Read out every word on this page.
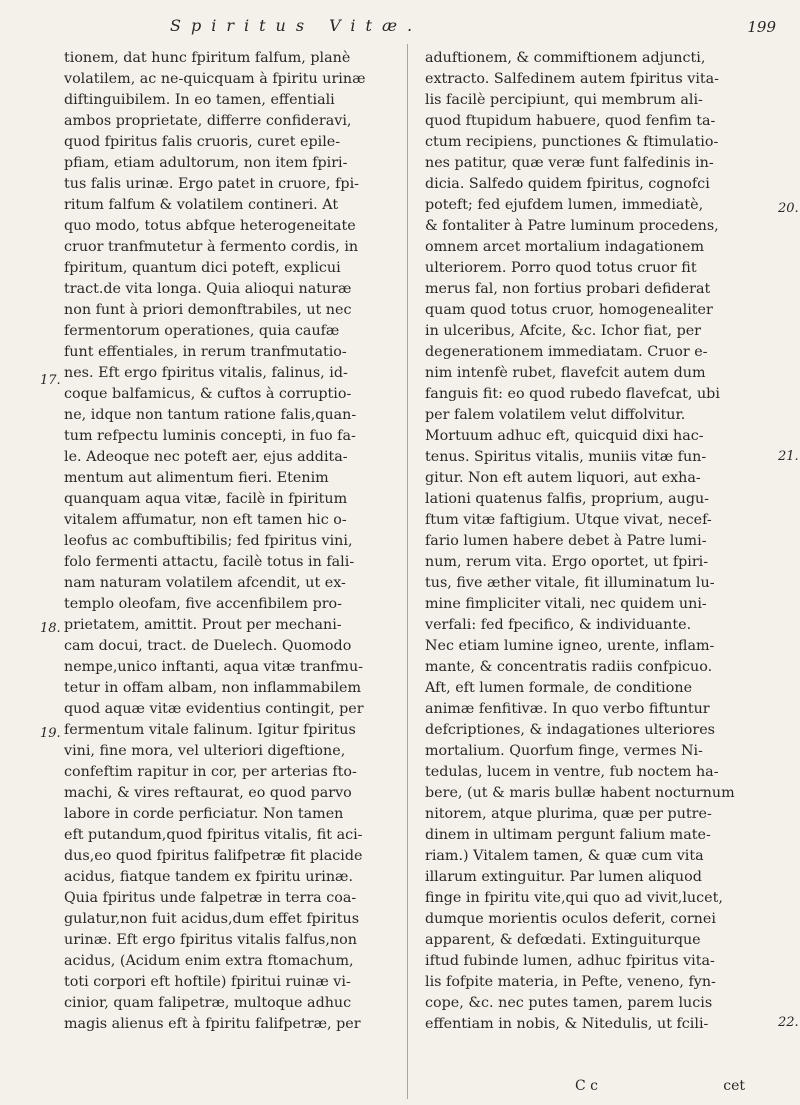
Spiritus Vitæ.	199
tionem, dat hunc fpiritum falfum, planè
volatilem, ac ne-quicquam à fpiritu urinæ
diftinguibilem. In eo tamen, effentiali
ambos proprietate, differre confideravi,
quod fpiritus falis cruoris, curet epile-
pfiam, etiam adultorum, non item fpiri-
tus falis urinæ. Ergo patet in cruore, fpi-
ritum falfum & volatilem contineri. At
quo modo, totus abfque heterogeneitate
cruor tranfmutetur à fermento cordis, in
fpiritum, quantum dici poteft, explicui
tract.de vita longa. Quia alioqui naturæ
non funt à priori demonftrabiles, ut nec
fermentorum operationes, quia caufæ
funt effentiales, in rerum tranfmutatio-
nes. Eft ergo fpiritus vitalis, falinus, id-
coque balfamicus, & cuftos à corruptio-
ne, idque non tantum ratione falis,quan-
tum refpectu luminis concepti, in fuo fa-
le. Adeoque nec poteft aer, ejus addita-
mentum aut alimentum fieri. Etenim
quanquam aqua vitæ, facilè in fpiritum
vitalem affumatur, non eft tamen hic o-
leofus ac combuftibilis; fed fpiritus vini,
folo fermenti attactu, facilè totus in fali-
nam naturam volatilem afcendit, ut ex-
templo oleofam, five accenfibilem pro-
prietatem, amittit. Prout per mechani-
cam docui, tract. de Duelech. Quomodo
nempe,unico inftanti, aqua vitæ tranfmu-
tetur in offam albam, non inflammabilem
quod aquæ vitæ evidentius contingit, per
fermentum vitale falinum. Igitur fpiritus
vini, fine mora, vel ulteriori digeftione,
confeftim rapitur in cor, per arterias fto-
machi, & vires reftaurat, eo quod parvo
labore in corde perficiatur. Non tamen
eft putandum,quod fpiritus vitalis, fit aci-
dus,eo quod fpiritus falifpetræ fit placide
acidus, fiatque tandem ex fpiritu urinæ.
Quia fpiritus unde falpetræ in terra coa-
gulatur,non fuit acidus,dum effet fpiritus
urinæ. Eft ergo fpiritus vitalis falfus,non
acidus, (Acidum enim extra ftomachum,
toti corpori eft hoftile) fpiritui ruinæ vi-
cinior, quam falipetræ, multoque adhuc
magis alienus eft à fpiritu falifpetræ, per
aduftionem, & commiftionem adjuncti,
extracto. Salfedinem autem fpiritus vita-
lis facilè percipiunt, qui membrum ali-
quod ftupidum habuere, quod fenfim ta-
ctum recipiens, punctiones & ftimulatio-
nes patitur, quæ veræ funt falfedinis in-
dicia. Salfedo quidem fpiritus, cognofci
poteft; fed ejufdem lumen, immediatè,
& fontaliter à Patre luminum procedens,
omnem arcet mortalium indagationem
ulteriorem. Porro quod totus cruor fit
merus fal, non fortius probari defiderat
quam quod totus cruor, homogenealiter
in ulceribus, Afcite, &c. Ichor fiat, per
degenerationem immediatam. Cruor e-
nim intenfè rubet, flavefcit autem dum
fanguis fit: eo quod rubedo flavefcat, ubi
per falem volatilem velut diffolvitur.
Mortuum adhuc eft, quicquid dixi hac-
tenus. Spiritus vitalis, muniis vitæ fun-
gitur. Non eft autem liquori, aut exha-
lationi quatenus falfis, proprium, augu-
ftum vitæ faftigium. Utque vivat, necef-
fario lumen habere debet à Patre lumi-
num, rerum vita. Ergo oportet, ut fpiri-
tus, five æther vitale, fit illuminatum lu-
mine fimpliciter vitali, nec quidem uni-
verfali: fed fpecifico, & individuante.
Nec etiam lumine igneo, urente, inflam-
mante, & concentratis radiis confpicuo.
Aft, eft lumen formale, de conditione
animæ fenfitivæ. In quo verbo fiftuntur
defcriptiones, & indagationes ulteriores
mortalium. Quorfum finge, vermes Ni-
tedulas, lucem in ventre, fub noctem ha-
bere, (ut & maris bullæ habent nocturnum
nitorem, atque plurima, quæ per putre-
dinem in ultimam pergunt falium mate-
riam.) Vitalem tamen, & quæ cum vita
illarum extinguitur. Par lumen aliquod
finge in fpiritu vite,qui quo ad vivit,lucet,
dumque morientis oculos deferit, cornei
apparent, & defœdati. Extinguiturque
iftud fubinde lumen, adhuc fpiritus vita-
lis fofpite materia, in Pefte, veneno, fyn-
cope, &c. nec putes tamen, parem lucis
effentiam in nobis, & Nitedulis, ut fcili-
17.
18.
19.
20.
21.
22.
C c	cet
